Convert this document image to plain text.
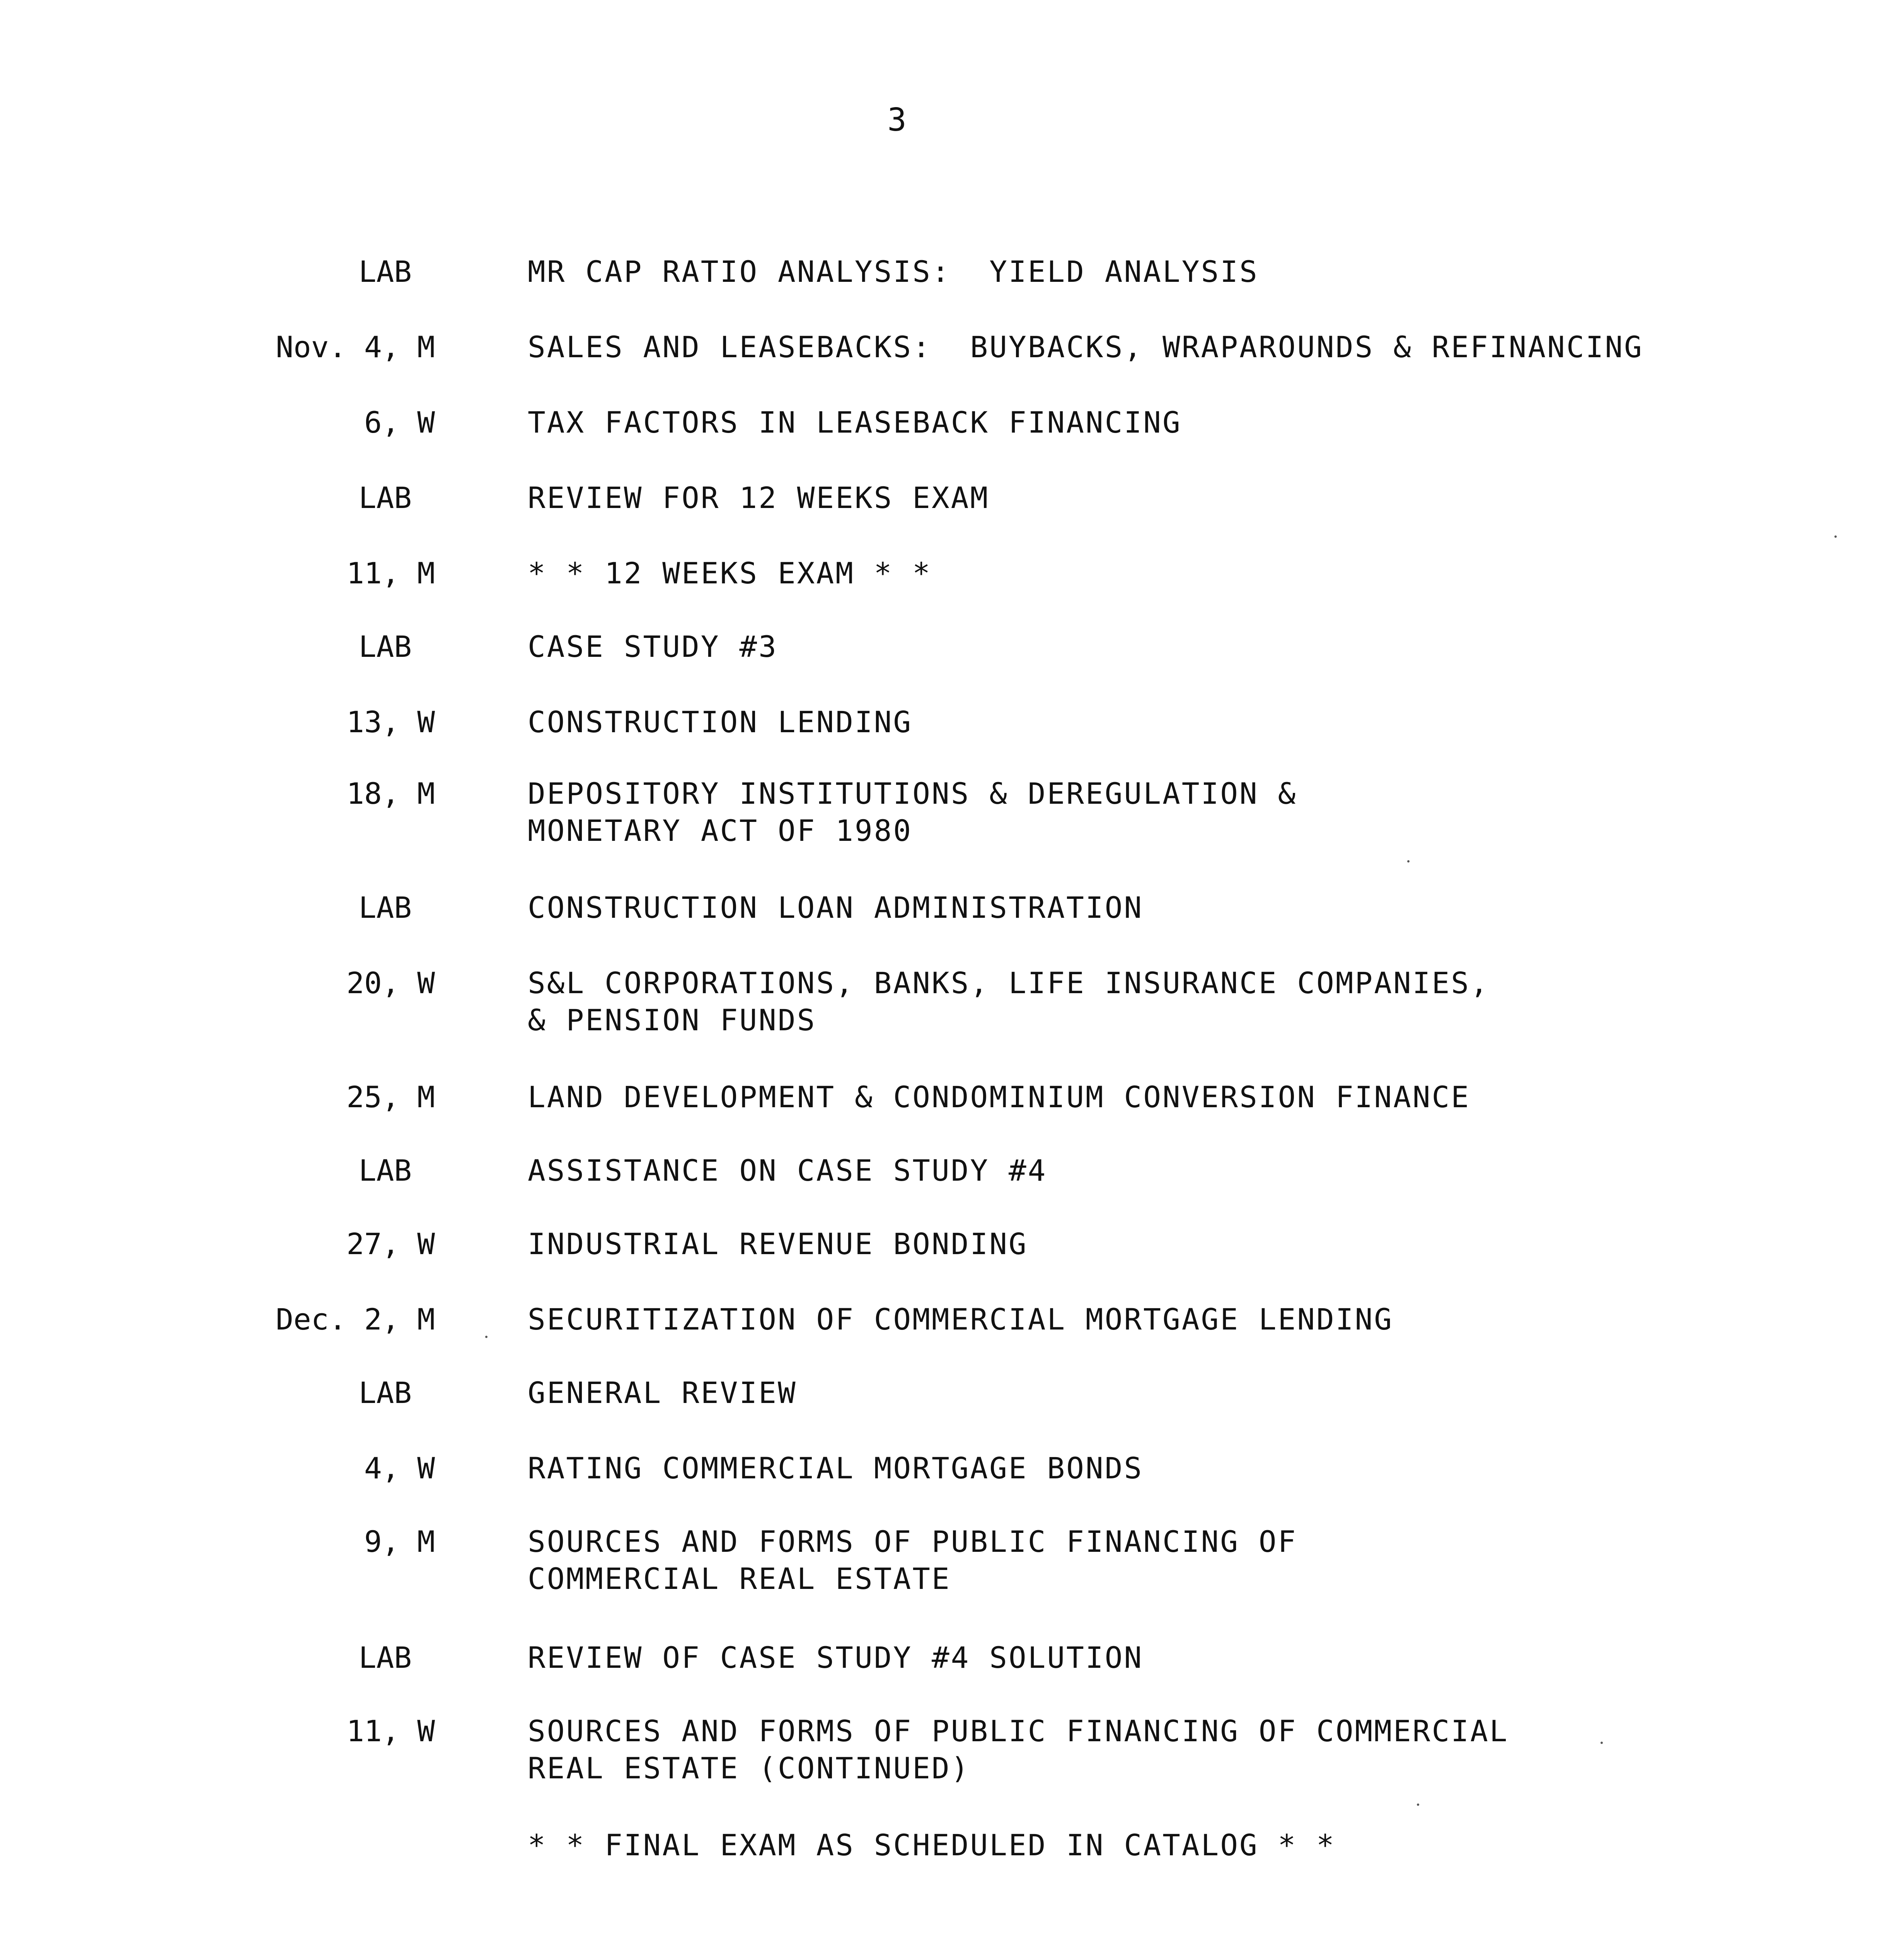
3
LAB	MR CAP RATIO ANALYSIS:  YIELD ANALYSIS
Nov. 4, M	SALES AND LEASEBACKS:  BUYBACKS, WRAPAROUNDS & REFINANCING
6, W	TAX FACTORS IN LEASEBACK FINANCING
LAB	REVIEW FOR 12 WEEKS EXAM
11, M	* * 12 WEEKS EXAM * *
LAB	CASE STUDY #3
13, W	CONSTRUCTION LENDING
18, M	DEPOSITORY INSTITUTIONS & DEREGULATION &
MONETARY ACT OF 1980
LAB	CONSTRUCTION LOAN ADMINISTRATION
20, W	S&L CORPORATIONS, BANKS, LIFE INSURANCE COMPANIES,
& PENSION FUNDS
25, M	LAND DEVELOPMENT & CONDOMINIUM CONVERSION FINANCE
LAB	ASSISTANCE ON CASE STUDY #4
27, W	INDUSTRIAL REVENUE BONDING
Dec. 2, M	SECURITIZATION OF COMMERCIAL MORTGAGE LENDING
LAB	GENERAL REVIEW
4, W	RATING COMMERCIAL MORTGAGE BONDS
9, M	SOURCES AND FORMS OF PUBLIC FINANCING OF
COMMERCIAL REAL ESTATE
LAB	REVIEW OF CASE STUDY #4 SOLUTION
11, W	SOURCES AND FORMS OF PUBLIC FINANCING OF COMMERCIAL
REAL ESTATE (CONTINUED)
* * FINAL EXAM AS SCHEDULED IN CATALOG * *
